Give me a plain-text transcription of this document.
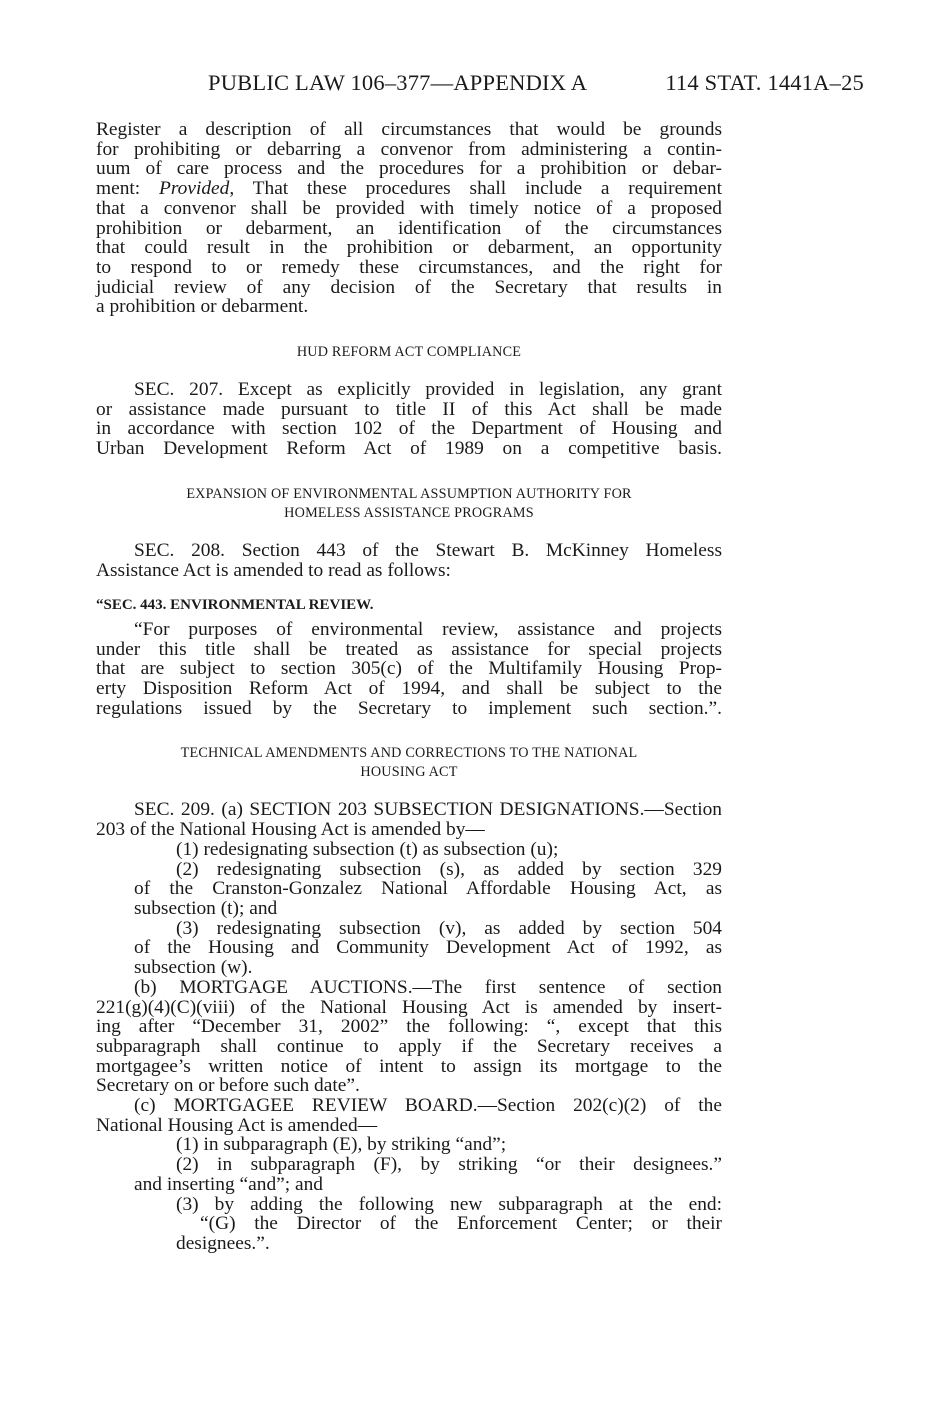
PUBLIC LAW 106–377—APPENDIX A	114 STAT. 1441A–25
Register a description of all circumstances that would be grounds
for prohibiting or debarring a convenor from administering a contin-
uum of care process and the procedures for a prohibition or debar-
ment: Provided, That these procedures shall include a requirement
that a convenor shall be provided with timely notice of a proposed
prohibition or debarment, an identification of the circumstances
that could result in the prohibition or debarment, an opportunity
to respond to or remedy these circumstances, and the right for
judicial review of any decision of the Secretary that results in
a prohibition or debarment.
HUD REFORM ACT COMPLIANCE
SEC. 207. Except as explicitly provided in legislation, any grant
or assistance made pursuant to title II of this Act shall be made
in accordance with section 102 of the Department of Housing and
Urban Development Reform Act of 1989 on a competitive basis.
EXPANSION OF ENVIRONMENTAL ASSUMPTION AUTHORITY FOR
HOMELESS ASSISTANCE PROGRAMS
SEC. 208. Section 443 of the Stewart B. McKinney Homeless
Assistance Act is amended to read as follows:
“SEC. 443. ENVIRONMENTAL REVIEW.
“For purposes of environmental review, assistance and projects
under this title shall be treated as assistance for special projects
that are subject to section 305(c) of the Multifamily Housing Prop-
erty Disposition Reform Act of 1994, and shall be subject to the
regulations issued by the Secretary to implement such section.”.
TECHNICAL AMENDMENTS AND CORRECTIONS TO THE NATIONAL
HOUSING ACT
SEC. 209. (a) SECTION 203 SUBSECTION DESIGNATIONS.—Section
203 of the National Housing Act is amended by—
(1) redesignating subsection (t) as subsection (u);
(2) redesignating subsection (s), as added by section 329
of the Cranston-Gonzalez National Affordable Housing Act, as
subsection (t); and
(3) redesignating subsection (v), as added by section 504
of the Housing and Community Development Act of 1992, as
subsection (w).
(b) MORTGAGE AUCTIONS.—The first sentence of section
221(g)(4)(C)(viii) of the National Housing Act is amended by insert-
ing after “December 31, 2002” the following: “, except that this
subparagraph shall continue to apply if the Secretary receives a
mortgagee’s written notice of intent to assign its mortgage to the
Secretary on or before such date”.
(c) MORTGAGEE REVIEW BOARD.—Section 202(c)(2) of the
National Housing Act is amended—
(1) in subparagraph (E), by striking “and”;
(2) in subparagraph (F), by striking “or their designees.”
and inserting “and”; and
(3) by adding the following new subparagraph at the end:
“(G) the Director of the Enforcement Center; or their
designees.”.
